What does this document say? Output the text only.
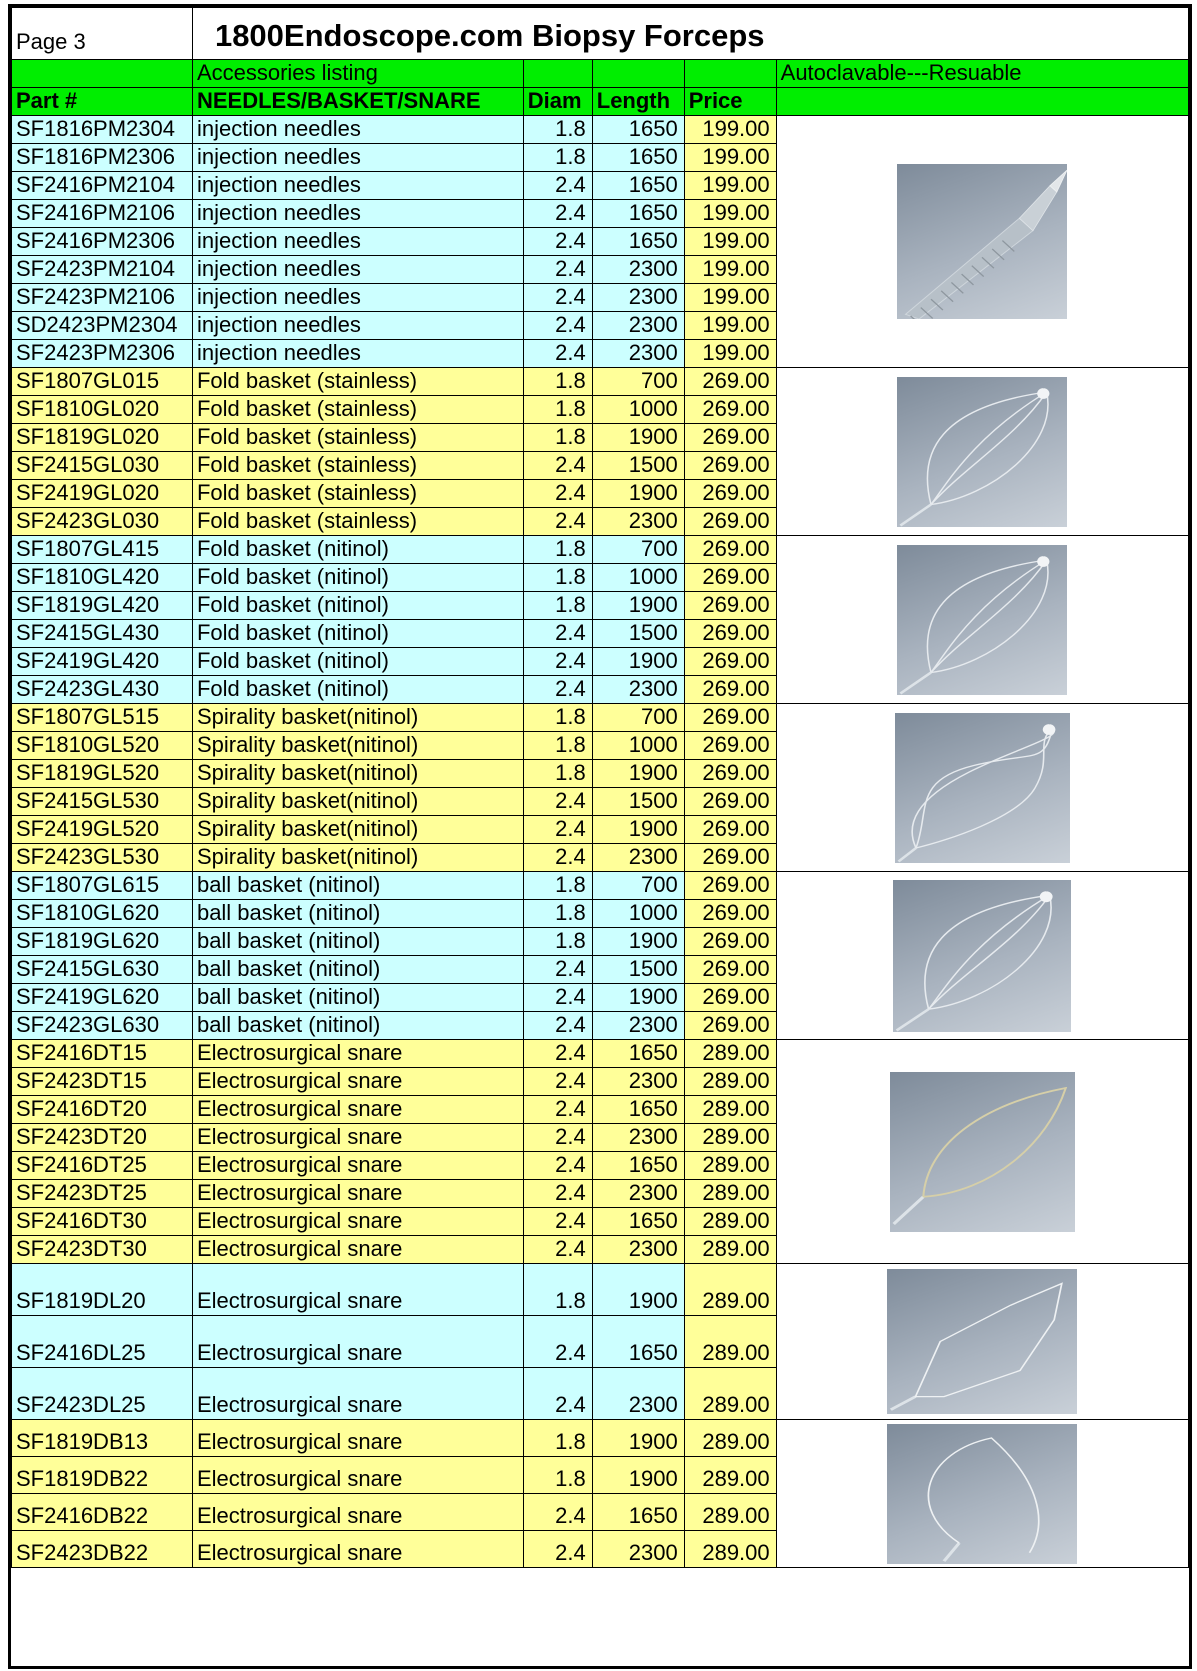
Page 3	1800Endoscope.com Biopsy Forceps				
	Accessories listing				Autoclavable---Resuable
Part #	NEEDLES/BASKET/SNARE	Diam	Length	Price	
SF1816PM2304	injection needles	1.8	1650	199.00	

SF1816PM2306	injection needles	1.8	1650	199.00	
SF2416PM2104	injection needles	2.4	1650	199.00	
SF2416PM2106	injection needles	2.4	1650	199.00	
SF2416PM2306	injection needles	2.4	1650	199.00	
SF2423PM2104	injection needles	2.4	2300	199.00	
SF2423PM2106	injection needles	2.4	2300	199.00	
SD2423PM2304	injection needles	2.4	2300	199.00	
SF2423PM2306	injection needles	2.4	2300	199.00	
SF1807GL015	Fold basket (stainless)	1.8	700	269.00	

SF1810GL020	Fold basket (stainless)	1.8	1000	269.00	
SF1819GL020	Fold basket (stainless)	1.8	1900	269.00	
SF2415GL030	Fold basket (stainless)	2.4	1500	269.00	
SF2419GL020	Fold basket (stainless)	2.4	1900	269.00	
SF2423GL030	Fold basket (stainless)	2.4	2300	269.00	
SF1807GL415	Fold basket (nitinol)	1.8	700	269.00	

SF1810GL420	Fold basket (nitinol)	1.8	1000	269.00	
SF1819GL420	Fold basket (nitinol)	1.8	1900	269.00	
SF2415GL430	Fold basket (nitinol)	2.4	1500	269.00	
SF2419GL420	Fold basket (nitinol)	2.4	1900	269.00	
SF2423GL430	Fold basket (nitinol)	2.4	2300	269.00	
SF1807GL515	Spirality basket(nitinol)	1.8	700	269.00	

SF1810GL520	Spirality basket(nitinol)	1.8	1000	269.00	
SF1819GL520	Spirality basket(nitinol)	1.8	1900	269.00	
SF2415GL530	Spirality basket(nitinol)	2.4	1500	269.00	
SF2419GL520	Spirality basket(nitinol)	2.4	1900	269.00	
SF2423GL530	Spirality basket(nitinol)	2.4	2300	269.00	
SF1807GL615	ball basket (nitinol)	1.8	700	269.00	

SF1810GL620	ball basket (nitinol)	1.8	1000	269.00	
SF1819GL620	ball basket (nitinol)	1.8	1900	269.00	
SF2415GL630	ball basket (nitinol)	2.4	1500	269.00	
SF2419GL620	ball basket (nitinol)	2.4	1900	269.00	
SF2423GL630	ball basket (nitinol)	2.4	2300	269.00	
SF2416DT15	Electrosurgical snare	2.4	1650	289.00	

SF2423DT15	Electrosurgical snare	2.4	2300	289.00	
SF2416DT20	Electrosurgical snare	2.4	1650	289.00	
SF2423DT20	Electrosurgical snare	2.4	2300	289.00	
SF2416DT25	Electrosurgical snare	2.4	1650	289.00	
SF2423DT25	Electrosurgical snare	2.4	2300	289.00	
SF2416DT30	Electrosurgical snare	2.4	1650	289.00	
SF2423DT30	Electrosurgical snare	2.4	2300	289.00	
SF1819DL20	Electrosurgical snare	1.8	1900	289.00	

SF2416DL25	Electrosurgical snare	2.4	1650	289.00	
SF2423DL25	Electrosurgical snare	2.4	2300	289.00	
SF1819DB13	Electrosurgical snare	1.8	1900	289.00	

SF1819DB22	Electrosurgical snare	1.8	1900	289.00	
SF2416DB22	Electrosurgical snare	2.4	1650	289.00	
SF2423DB22	Electrosurgical snare	2.4	2300	289.00	
